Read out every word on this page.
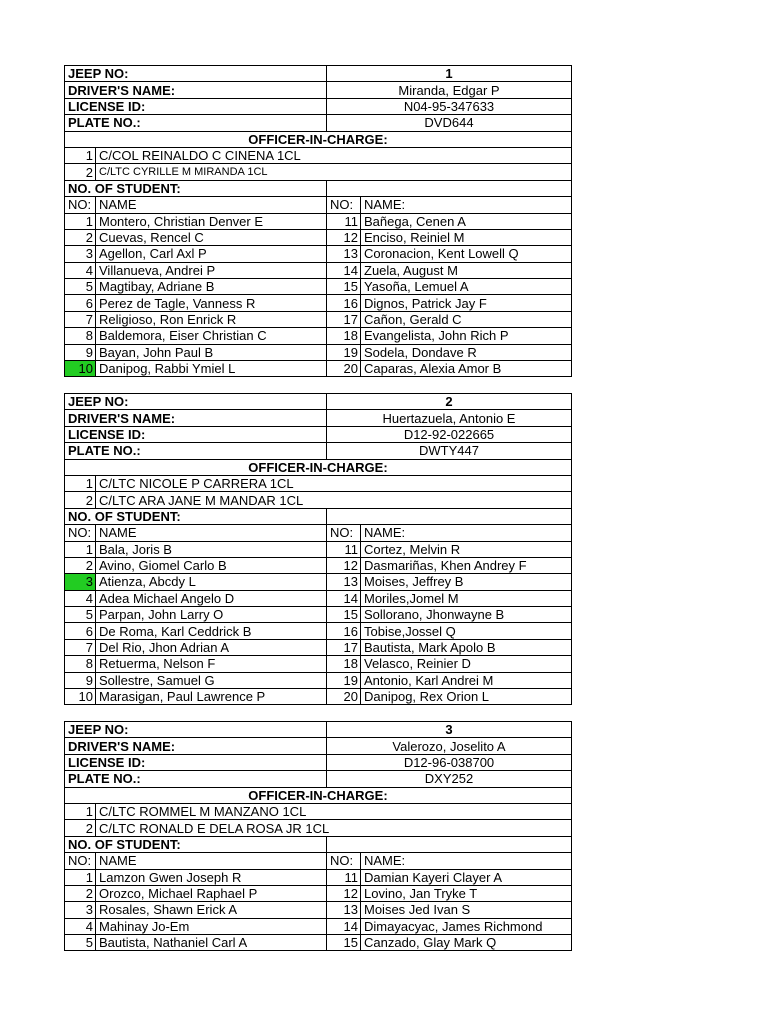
JEEP NO:		1	
DRIVER'S NAME:		Miranda, Edgar P	
LICENSE ID:		N04-95-347633	
PLATE NO.:		DVD644	
OFFICER-IN-CHARGE:			
1	C/COL REINALDO C CINENA 1CL		
2	C/LTC CYRILLE M MIRANDA 1CL		
NO. OF STUDENT:			
NO:	NAME	NO:	NAME:
1	Montero, Christian Denver E	11	Bañega, Cenen A
2	Cuevas, Rencel C	12	Enciso, Reiniel M
3	Agellon, Carl Axl P	13	Coronacion, Kent Lowell Q
4	Villanueva, Andrei P	14	Zuela, August M
5	Magtibay, Adriane B	15	Yasoña, Lemuel A
6	Perez de Tagle, Vanness R	16	Dignos, Patrick Jay F
7	Religioso, Ron Enrick R	17	Cañon, Gerald C
8	Baldemora, Eiser Christian C	18	Evangelista, John Rich P
9	Bayan, John Paul B	19	Sodela, Dondave R
10	Danipog, Rabbi Ymiel L	20	Caparas, Alexia Amor B
JEEP NO:		2	
DRIVER'S NAME:		Huertazuela, Antonio E	
LICENSE ID:		D12-92-022665	
PLATE NO.:		DWTY447	
OFFICER-IN-CHARGE:			
1	C/LTC NICOLE P CARRERA 1CL		
2	C/LTC ARA JANE M MANDAR 1CL		
NO. OF STUDENT:			
NO:	NAME	NO:	NAME:
1	Bala, Joris B	11	Cortez, Melvin R
2	Avino, Giomel Carlo B	12	Dasmariñas, Khen Andrey F
3	Atienza, Abcdy L	13	Moises, Jeffrey B
4	Adea Michael Angelo D	14	Moriles,Jomel M
5	Parpan, John Larry O	15	Sollorano, Jhonwayne B
6	De Roma, Karl Ceddrick B	16	Tobise,Jossel Q
7	Del Rio, Jhon Adrian A	17	Bautista, Mark Apolo B
8	Retuerma, Nelson F	18	Velasco, Reinier D
9	Sollestre, Samuel G	19	Antonio, Karl Andrei M
10	Marasigan, Paul Lawrence P	20	Danipog, Rex Orion L
JEEP NO:		3	
DRIVER'S NAME:		Valerozo, Joselito A	
LICENSE ID:		D12-96-038700	
PLATE NO.:		DXY252	
OFFICER-IN-CHARGE:			
1	C/LTC ROMMEL M MANZANO 1CL		
2	C/LTC RONALD E DELA ROSA JR 1CL		
NO. OF STUDENT:			
NO:	NAME	NO:	NAME:
1	Lamzon Gwen Joseph R	11	Damian Kayeri Clayer A
2	Orozco, Michael Raphael P	12	Lovino, Jan Tryke T
3	Rosales, Shawn Erick A	13	Moises Jed Ivan S
4	Mahinay Jo-Em	14	Dimayacyac, James Richmond
5	Bautista, Nathaniel Carl A	15	Canzado, Glay Mark Q
